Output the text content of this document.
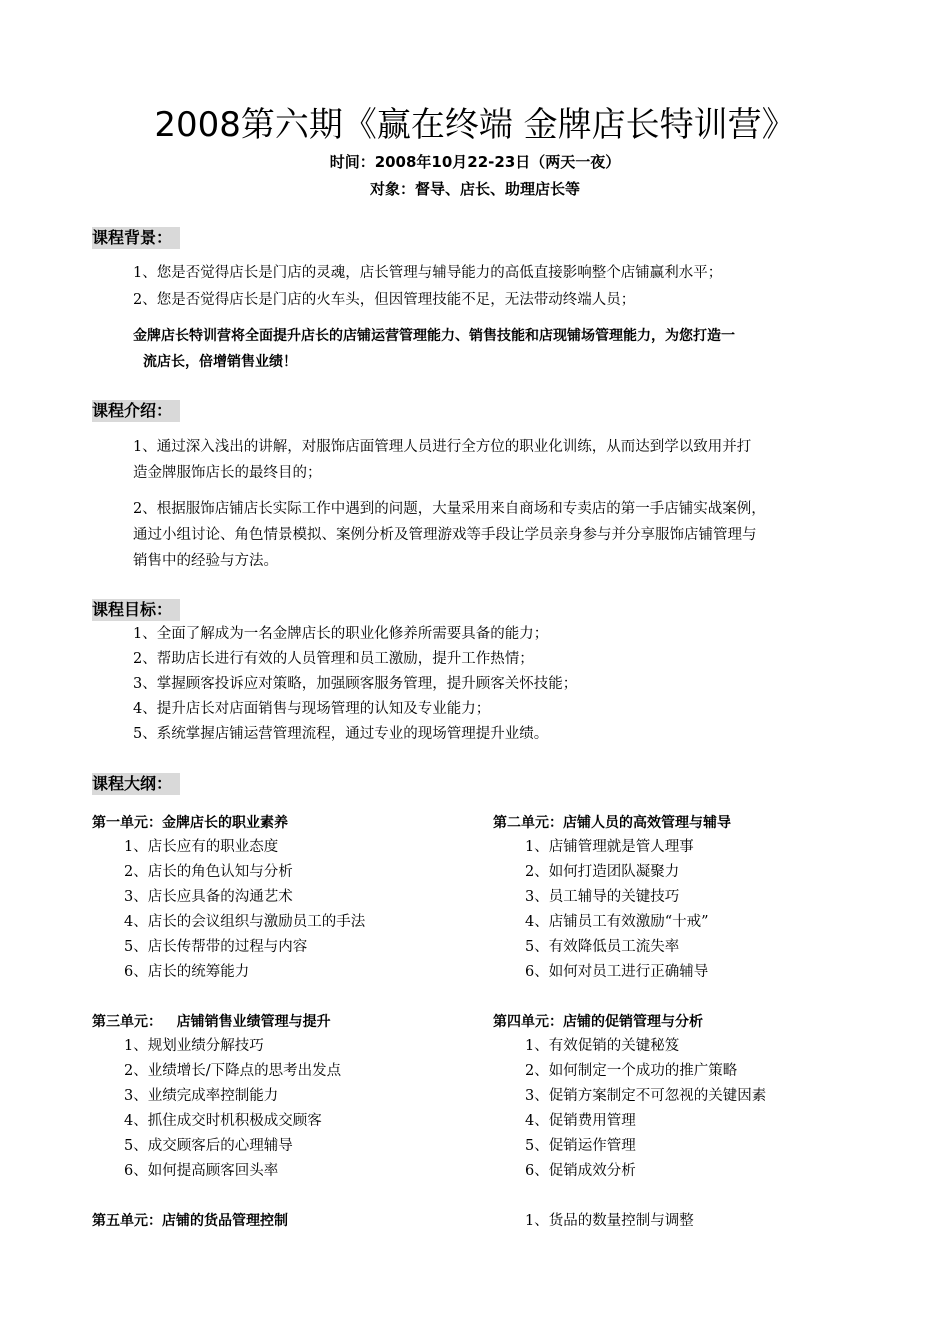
2008第六期《赢在终端 金牌店长特训营》
时间：2008年10月22-23日（两天一夜）
对象：督导、店长、助理店长等
课程背景：
1、您是否觉得店长是门店的灵魂，店长管理与辅导能力的高低直接影响整个店铺赢利水平；
2、您是否觉得店长是门店的火车头，但因管理技能不足，无法带动终端人员；
金牌店长特训营将全面提升店长的店铺运营管理能力、销售技能和店现铺场管理能力，为您打造一
流店长，倍增销售业绩！
课程介绍：
1、通过深入浅出的讲解，对服饰店面管理人员进行全方位的职业化训练，从而达到学以致用并打
造金牌服饰店长的最终目的；
2、根据服饰店铺店长实际工作中遇到的问题，大量采用来自商场和专卖店的第一手店铺实战案例，
通过小组讨论、角色情景模拟、案例分析及管理游戏等手段让学员亲身参与并分享服饰店铺管理与
销售中的经验与方法。
课程目标：
1、全面了解成为一名金牌店长的职业化修养所需要具备的能力；
2、帮助店长进行有效的人员管理和员工激励，提升工作热情；
3、掌握顾客投诉应对策略，加强顾客服务管理，提升顾客关怀技能；
4、提升店长对店面销售与现场管理的认知及专业能力；
5、系统掌握店铺运营管理流程，通过专业的现场管理提升业绩。
课程大纲：
第一单元：金牌店长的职业素养
1、店长应有的职业态度
2、店长的角色认知与分析
3、店长应具备的沟通艺术
4、店长的会议组织与激励员工的手法
5、店长传帮带的过程与内容
6、店长的统筹能力
第二单元：店铺人员的高效管理与辅导
1、店铺管理就是管人理事
2、如何打造团队凝聚力
3、员工辅导的关键技巧
4、店铺员工有效激励“十戒”
5、有效降低员工流失率
6、如何对员工进行正确辅导
第三单元：   店铺销售业绩管理与提升
1、规划业绩分解技巧
2、业绩增长/下降点的思考出发点
3、业绩完成率控制能力
4、抓住成交时机积极成交顾客
5、成交顾客后的心理辅导
6、如何提高顾客回头率
第四单元：店铺的促销管理与分析
1、有效促销的关键秘笈
2、如何制定一个成功的推广策略
3、促销方案制定不可忽视的关键因素
4、促销费用管理
5、促销运作管理
6、促销成效分析
第五单元：店铺的货品管理控制	1、货品的数量控制与调整
